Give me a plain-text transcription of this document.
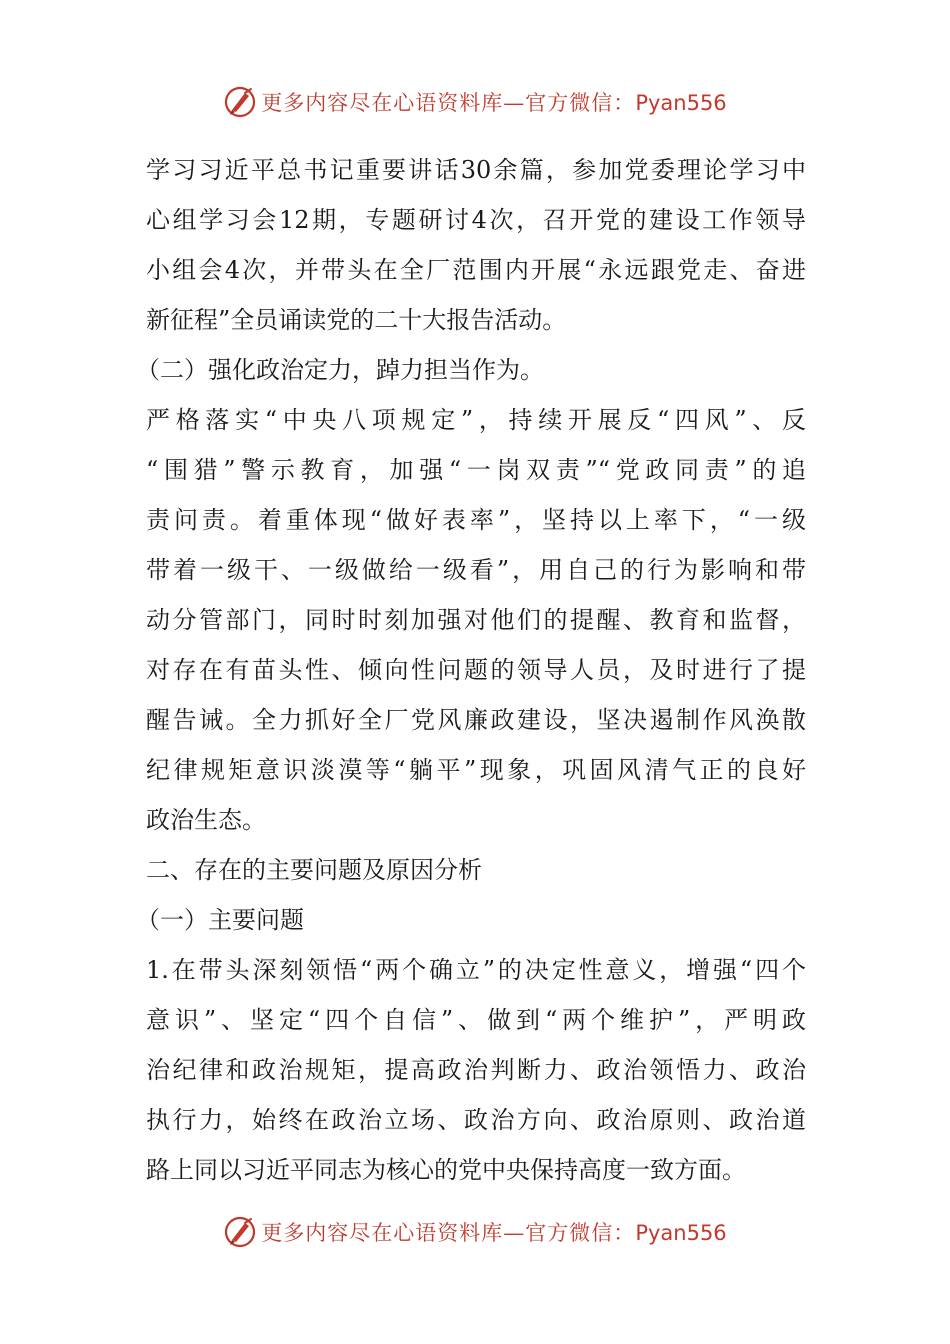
更多内容尽在心语资料库—官方微信：Pyan556
学习习近平总书记重要讲话30余篇，参加党委理论学习中
心组学习会12期，专题研讨4次，召开党的建设工作领导
小组会4次，并带头在全厂范围内开展“永远跟党走、奋进
新征程”全员诵读党的二十大报告活动。
（二）强化政治定力，踔力担当作为。
严格落实“中央八项规定”，持续开展反“四风”、反
“围猎”警示教育，加强“一岗双责”“党政同责”的追
责问责。着重体现“做好表率”，坚持以上率下，“一级
带着一级干、一级做给一级看”，用自己的行为影响和带
动分管部门，同时时刻加强对他们的提醒、教育和监督，
对存在有苗头性、倾向性问题的领导人员，及时进行了提
醒告诫。全力抓好全厂党风廉政建设，坚决遏制作风涣散
纪律规矩意识淡漠等“躺平”现象，巩固风清气正的良好
政治生态。
二、存在的主要问题及原因分析
（一）主要问题
1.在带头深刻领悟“两个确立”的决定性意义，增强“四个
意识”、坚定“四个自信”、做到“两个维护”，严明政
治纪律和政治规矩，提高政治判断力、政治领悟力、政治
执行力，始终在政治立场、政治方向、政治原则、政治道
路上同以习近平同志为核心的党中央保持高度一致方面。
更多内容尽在心语资料库—官方微信：Pyan556
